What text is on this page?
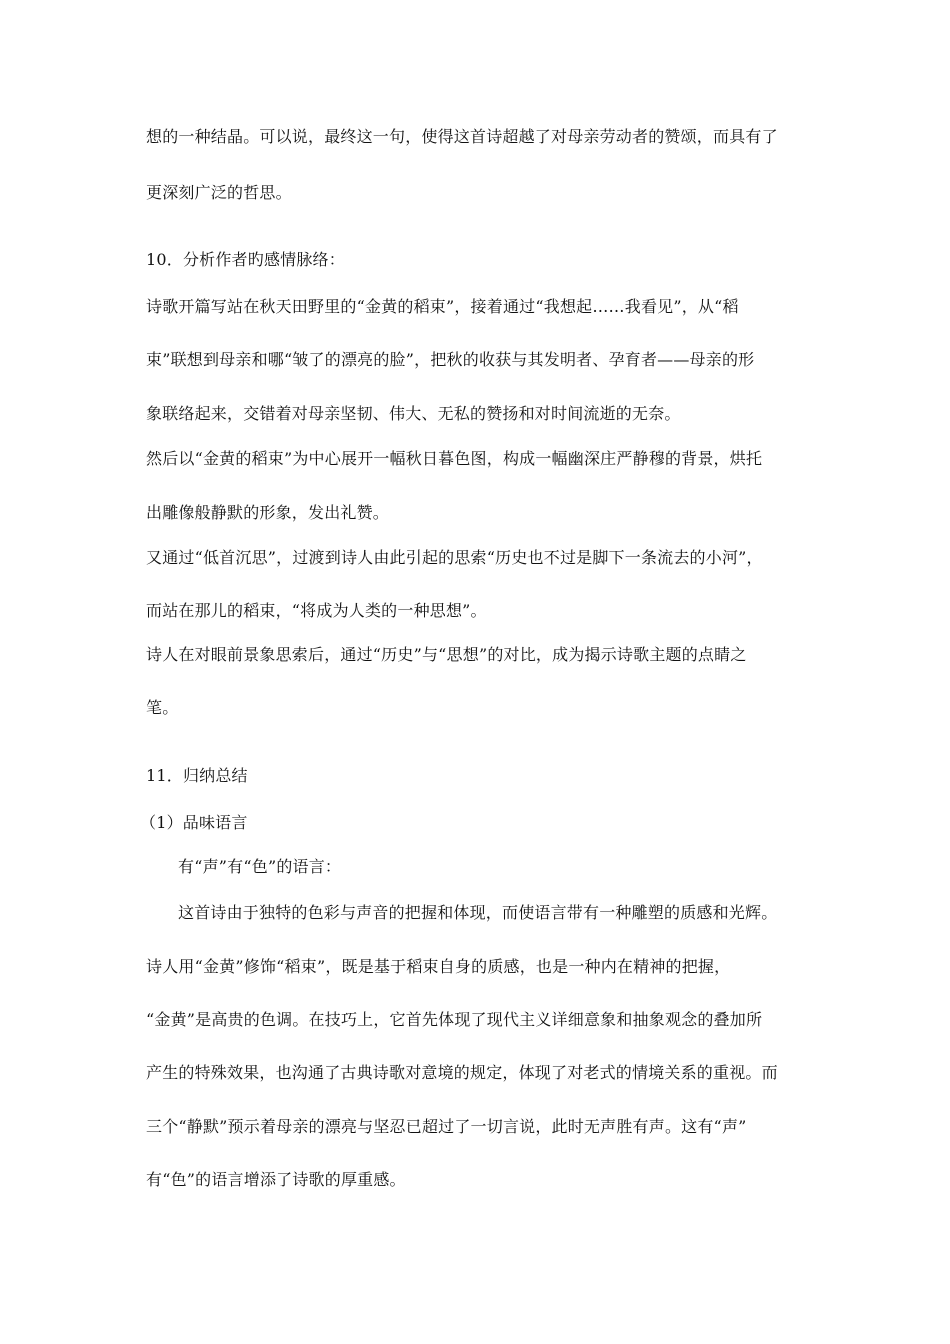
想的一种结晶。可以说，最终这一句，使得这首诗超越了对母亲劳动者的赞颂，而具有了
更深刻广泛的哲思。
10．分析作者旳感情脉络：
诗歌开篇写站在秋天田野里的“金黄的稻束”，接着通过“我想起……我看见”，从“稻
束”联想到母亲和哪“皱了的漂亮的脸”，把秋的收获与其发明者、孕育者——母亲的形
象联络起来，交错着对母亲坚韧、伟大、无私的赞扬和对时间流逝的无奈。
然后以“金黄的稻束”为中心展开一幅秋日暮色图，构成一幅幽深庄严静穆的背景，烘托
出雕像般静默的形象，发出礼赞。
又通过“低首沉思”，过渡到诗人由此引起的思索“历史也不过是脚下一条流去的小河”，
而站在那儿的稻束，“将成为人类的一种思想”。
诗人在对眼前景象思索后，通过“历史”与“思想”的对比，成为揭示诗歌主题的点睛之
笔。
11．归纳总结
（1）品味语言
有“声”有“色”的语言：
这首诗由于独特的色彩与声音的把握和体现，而使语言带有一种雕塑的质感和光辉。
诗人用“金黄”修饰“稻束”，既是基于稻束自身的质感，也是一种内在精神的把握，
“金黄”是高贵的色调。在技巧上，它首先体现了现代主义详细意象和抽象观念的叠加所
产生的特殊效果，也沟通了古典诗歌对意境的规定，体现了对老式的情境关系的重视。而
三个“静默”预示着母亲的漂亮与坚忍已超过了一切言说，此时无声胜有声。这有“声”
有“色”的语言增添了诗歌的厚重感。
